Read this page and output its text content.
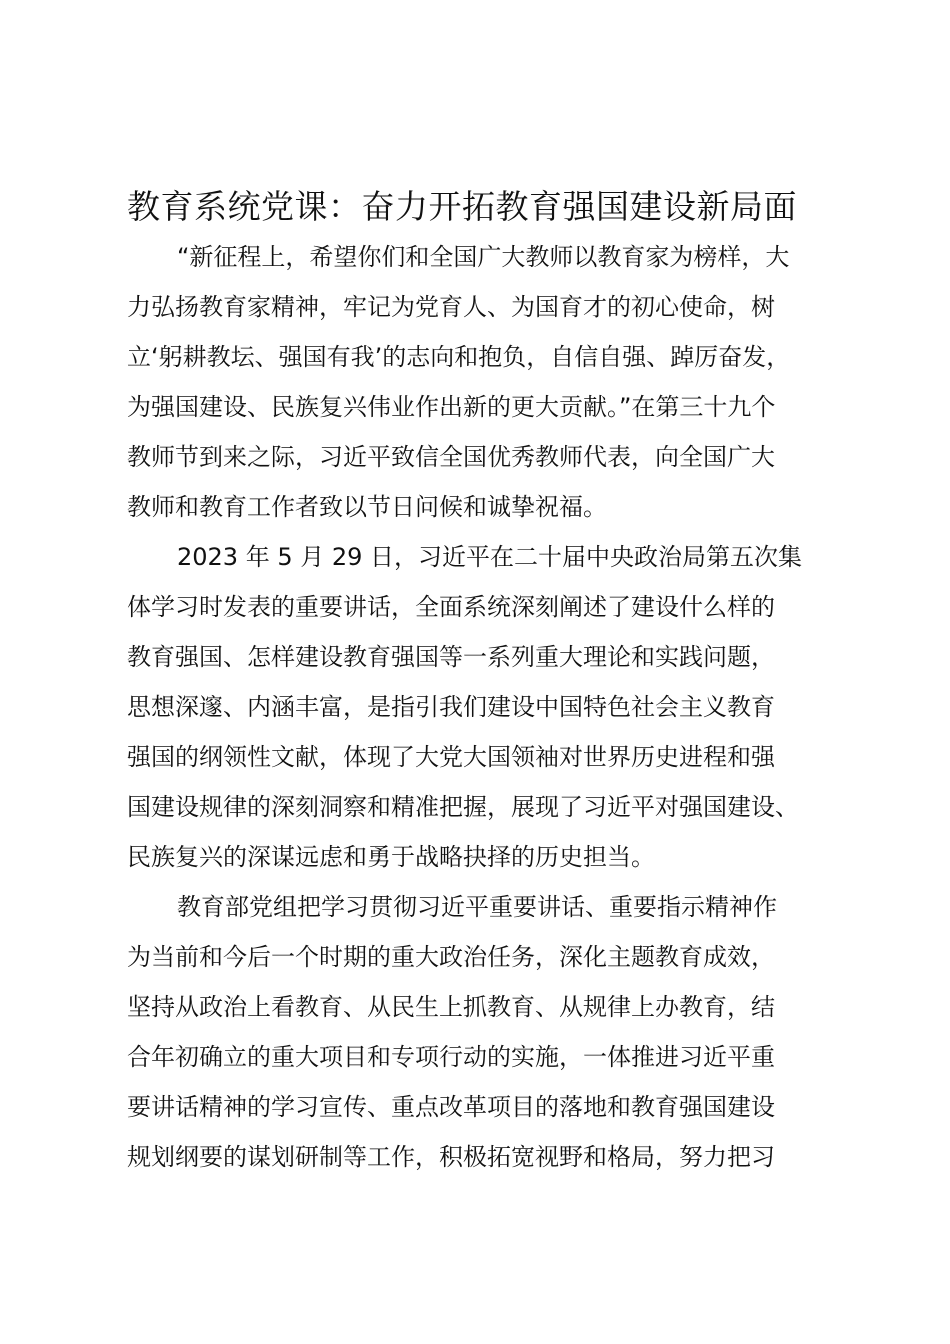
教育系统党课：奋力开拓教育强国建设新局面
“新征程上，希望你们和全国广大教师以教育家为榜样，大
力弘扬教育家精神，牢记为党育人、为国育才的初心使命，树
立‘躬耕教坛、强国有我’的志向和抱负，自信自强、踔厉奋发，
为强国建设、民族复兴伟业作出新的更大贡献。”在第三十九个
教师节到来之际，习近平致信全国优秀教师代表，向全国广大
教师和教育工作者致以节日问候和诚挚祝福。
2023 年 5 月 29 日，习近平在二十届中央政治局第五次集
体学习时发表的重要讲话，全面系统深刻阐述了建设什么样的
教育强国、怎样建设教育强国等一系列重大理论和实践问题，
思想深邃、内涵丰富，是指引我们建设中国特色社会主义教育
强国的纲领性文献，体现了大党大国领袖对世界历史进程和强
国建设规律的深刻洞察和精准把握，展现了习近平对强国建设、
民族复兴的深谋远虑和勇于战略抉择的历史担当。
教育部党组把学习贯彻习近平重要讲话、重要指示精神作
为当前和今后一个时期的重大政治任务，深化主题教育成效，
坚持从政治上看教育、从民生上抓教育、从规律上办教育，结
合年初确立的重大项目和专项行动的实施，一体推进习近平重
要讲话精神的学习宣传、重点改革项目的落地和教育强国建设
规划纲要的谋划研制等工作，积极拓宽视野和格局，努力把习
